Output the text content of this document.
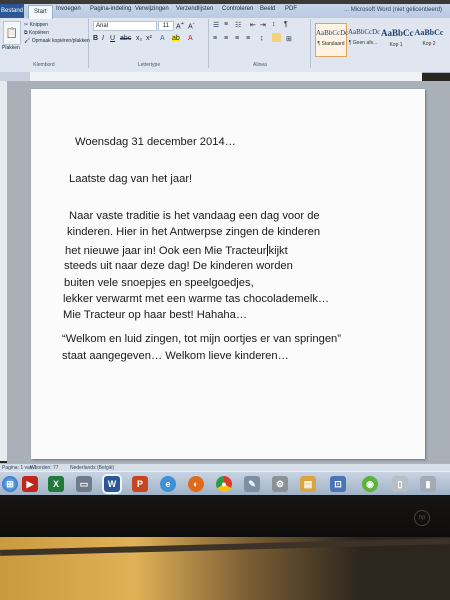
Bestand	Start	Invoegen Pagina-indeling Verwijzingen Verzendlijsten Controleren Beeld PDF	... Microsoft Word (niet gelicentieerd)
📋
Plakken
✂ Knippen
⧉ Kopiëren
🖌 Opmaak kopiëren/plakken
Klembord
Arial	11 A+ A-
B I U abc x₂ x² A ab A
Lettertype
☰ ≡ ☷ ⇤ ⇥ ↕ ¶
≡ ≡ ≡ ≡ ↨	⊞
Alinea
AaBbCcDc
¶ Standaard
AaBbCcDc
¶ Geen afs...
AaBbCc
Kop 1
AaBbCc
Kop 2
Woensdag 31 december 2014…
Laatste dag van het jaar!
Naar vaste traditie is het vandaag een dag voor de
kinderen. Hier in het Antwerpse zingen de kinderen
het nieuwe jaar in! Ook een Mie Tracteur kijkt
steeds uit naar deze dag! De kinderen worden
buiten vele snoepjes en speelgoedjes,
lekker verwarmt met een warme tas chocolademelk…
Mie Tracteur op haar best! Hahaha…
“Welkom en luid zingen, tot mijn oortjes er van springen”
staat aangegeven… Welkom lieve kinderen…
Pagina: 1 van 1
Woorden: 77 Nederlands (België)
⊞	▶	X	▭	W	P	e	◐	●	✎	⚙	▤	⊡	◉	▯	▮
hp
